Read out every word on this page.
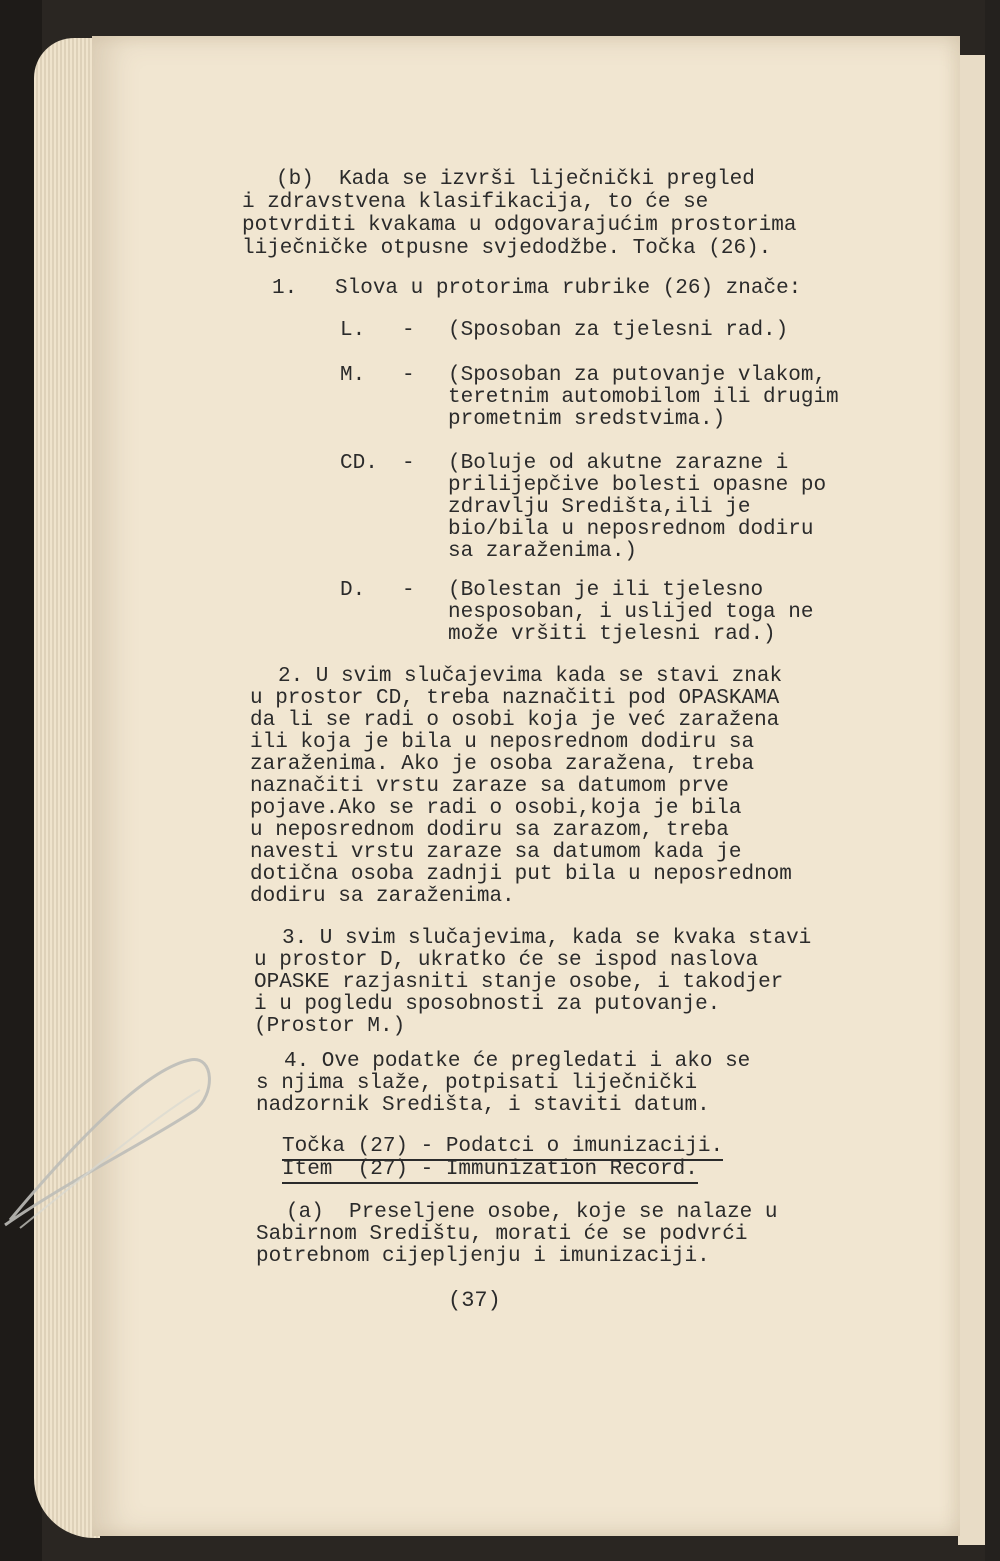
(b)  Kada se izvrši liječnički pregled

i zdravstvena klasifikacija, to će se

potvrditi kvakama u odgovarajućim prostorima

liječničke otpusne svjedodžbe. Točka (26).

1.   Slova u protorima rubrike (26) znače:

L. - (Sposoban za tjelesni rad.)
M. - (Sposoban za putovanje vlakom,
teretnim automobilom ili drugim
prometnim sredstvima.)
CD. - (Boluje od akutne zarazne i
prilijepčive bolesti opasne po
zdravlju Središta,ili je
bio/bila u neposrednom dodiru
sa zaraženima.)
D. - (Bolestan je ili tjelesno
nesposoban, i uslijed toga ne
može vršiti tjelesni rad.)

2. U svim slučajevima kada se stavi znak

u prostor CD, treba naznačiti pod OPASKAMA

da li se radi o osobi koja je već zaražena

ili koja je bila u neposrednom dodiru sa

zaraženima. Ako je osoba zaražena, treba

naznačiti vrstu zaraze sa datumom prve

pojave.Ako se radi o osobi,koja je bila

u neposrednom dodiru sa zarazom, treba

navesti vrstu zaraze sa datumom kada je

dotična osoba zadnji put bila u neposrednom

dodiru sa zaraženima.

3. U svim slučajevima, kada se kvaka stavi

u prostor D, ukratko će se ispod naslova

OPASKE razjasniti stanje osobe, i takodjer

i u pogledu sposobnosti za putovanje.

(Prostor M.)

4. Ove podatke će pregledati i ako se

s njima slaže, potpisati liječnički

nadzornik Središta, i staviti datum.

Točka (27) - Podatci o imunizaciji.

Item  (27) - Immunization Record.

(a)  Preseljene osobe, koje se nalaze u

Sabirnom Središtu, morati će se podvrći

potrebnom cijepljenju i imunizaciji.

(37)
